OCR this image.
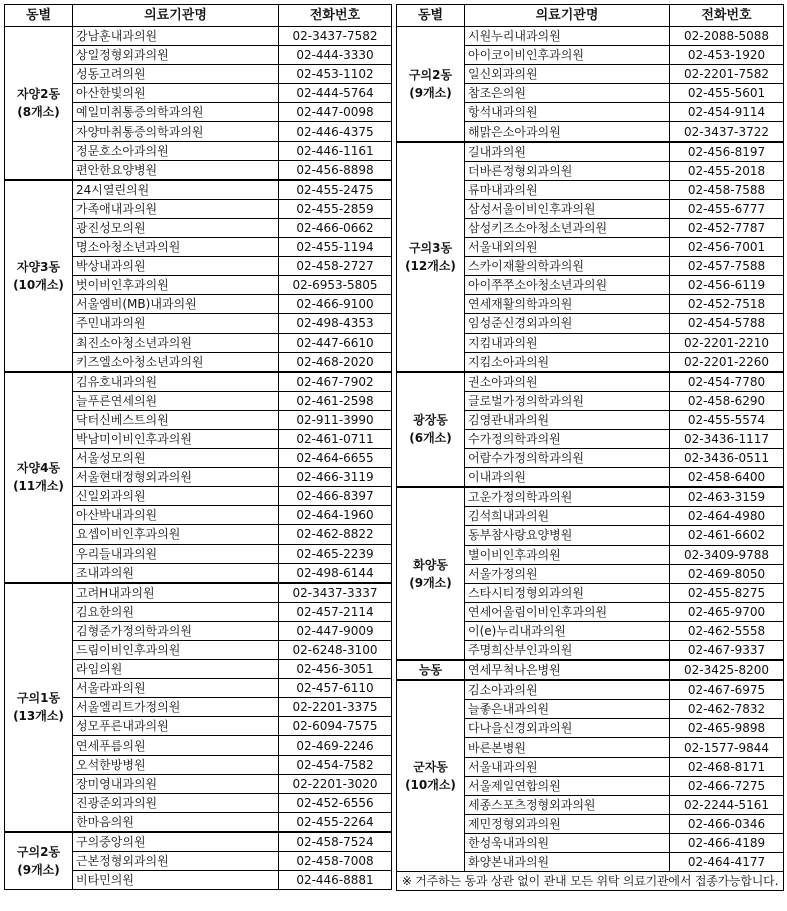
동별	의료기관명	전화번호

자양2동
(8개소)	강남훈내과의원	02-3437-7582
	상일정형외과의원	02-444-3330
	성동고려의원	02-453-1102
	아산한빛의원	02-444-5764
	예일미취통증의학과의원	02-447-0098
	자양마취통증의학과의원	02-446-4375
	정문호소아과의원	02-446-1161
	편안한요양병원	02-456-8898

자양3동
(10개소)	24시열린의원	02-455-2475
	가족애내과의원	02-455-2859
	광진성모의원	02-466-0662
	명소아청소년과의원	02-455-1194
	박상내과의원	02-458-2727
	벗이비인후과의원	02-6953-5805
	서울엠비(MB)내과의원	02-466-9100
	주민내과의원	02-498-4353
	최진소아청소년과의원	02-447-6610
	키즈엘소아청소년과의원	02-468-2020

자양4동
(11개소)	김유호내과의원	02-467-7902
	늘푸른연세의원	02-461-2598
	닥터신베스트의원	02-911-3990
	박남미이비인후과의원	02-461-0711
	서울성모의원	02-464-6655
	서울현대정형외과의원	02-466-3119
	신일외과의원	02-466-8397
	아산박내과의원	02-464-1960
	요셉이비인후과의원	02-462-8822
	우리들내과의원	02-465-2239
	조내과의원	02-498-6144

구의1동
(13개소)	고려H내과의원	02-3437-3337
	김요한의원	02-457-2114
	김형준가정의학과의원	02-447-9009
	드림이비인후과의원	02-6248-3100
	라임의원	02-456-3051
	서울라파의원	02-457-6110
	서울엘리트가정의원	02-2201-3375
	성모푸른내과의원	02-6094-7575
	연세푸름의원	02-469-2246
	오석한방병원	02-454-7582
	장미영내과의원	02-2201-3020
	진광준외과의원	02-452-6556
	한마음의원	02-455-2264

구의2동
(9개소)	구의중앙의원	02-458-7524
	근본정형외과의원	02-458-7008
	비타민의원	02-446-8881
동별	의료기관명	전화번호

구의2동
(9개소)	시원누리내과의원	02-2088-5088
	아이코이비인후과의원	02-453-1920
	일신외과의원	02-2201-7582
	참조은의원	02-455-5601
	항석내과의원	02-454-9114
	해맑은소아과의원	02-3437-3722

구의3동
(12개소)	길내과의원	02-456-8197
	더바른정형외과의원	02-455-2018
	류마내과의원	02-458-7588
	삼성서울이비인후과의원	02-455-6777
	삼성키즈소아청소년과의원	02-452-7787
	서울내외의원	02-456-7001
	스카이재활의학과의원	02-457-7588
	아이쭈쭈소아청소년과의원	02-456-6119
	연세재활의학과의원	02-452-7518
	임성준신경외과의원	02-454-5788
	지킴내과의원	02-2201-2210
	지킴소아과의원	02-2201-2260

광장동
(6개소)	권소아과의원	02-454-7780
	글로벌가정의학과의원	02-458-6290
	김영관내과의원	02-455-5574
	수가정의학과의원	02-3436-1117
	어람수가정의학과의원	02-3436-0511
	이내과의원	02-458-6400

화양동
(9개소)	고운가정의학과의원	02-463-3159
	김석희내과의원	02-464-4980
	동부참사랑요양병원	02-461-6602
	별이비인후과의원	02-3409-9788
	서울가정의원	02-469-8050
	스타시티정형외과의원	02-455-8275
	연세어울림이비인후과의원	02-465-9700
	이(e)누리내과의원	02-462-5558
	주명희산부인과의원	02-467-9337

능동	연세무척나은병원	02-3425-8200

군자동
(10개소)	김소아과의원	02-467-6975
	늘좋은내과의원	02-462-7832
	다나을신경외과의원	02-465-9898
	바른본병원	02-1577-9844
	서울내과의원	02-468-8171
	서울제일연합의원	02-466-7275
	세종스포츠정형외과의원	02-2244-5161
	제민정형외과의원	02-466-0346
	한성욱내과의원	02-466-4189
	화양본내과의원	02-464-4177
※ 거주하는 동과 상관 없이 관내 모든 위탁 의료기관에서 접종가능합니다.		
